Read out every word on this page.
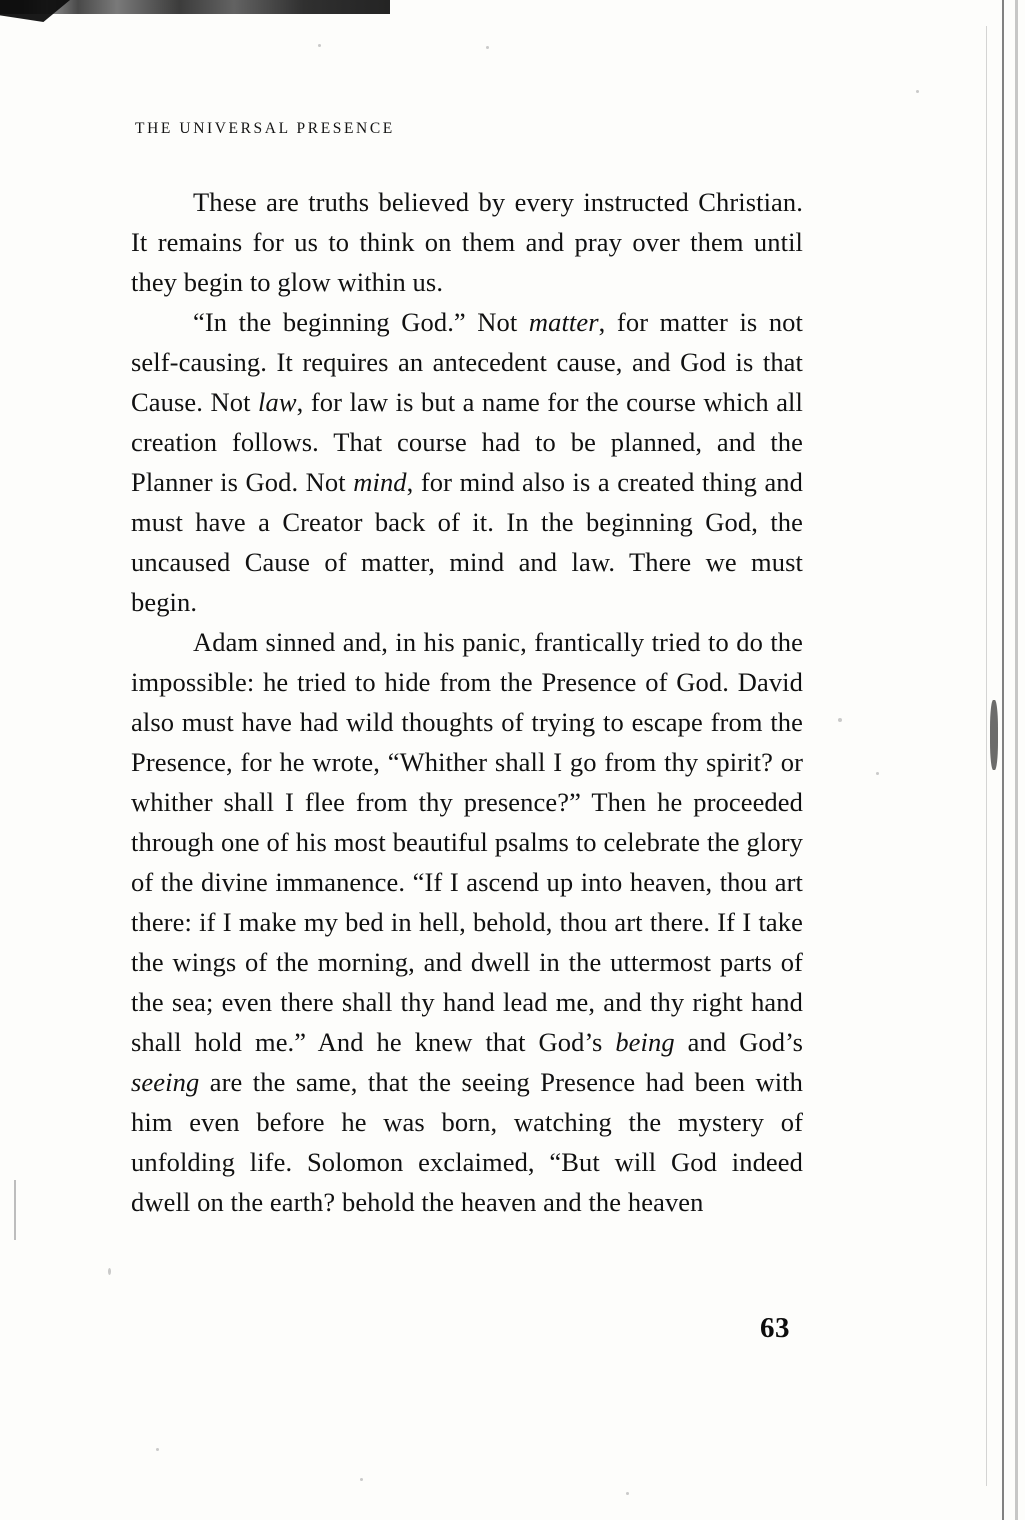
THE UNIVERSAL PRESENCE

These are truths believed by every instructed Christian. It remains for us to think on them and pray over them until they begin to glow within us.

“In the beginning God.” Not matter, for matter is not self-causing. It requires an antecedent cause, and God is that Cause. Not law, for law is but a name for the course which all creation follows. That course had to be planned, and the Planner is God. Not mind, for mind also is a created thing and must have a Creator back of it. In the beginning God, the uncaused Cause of matter, mind and law. There we must begin.

Adam sinned and, in his panic, frantically tried to do the impossible: he tried to hide from the Presence of God. David also must have had wild thoughts of trying to escape from the Presence, for he wrote, “Whither shall I go from thy spirit? or whither shall I flee from thy presence?” Then he proceeded through one of his most beautiful psalms to celebrate the glory of the divine immanence. “If I ascend up into heaven, thou art there: if I make my bed in hell, behold, thou art there. If I take the wings of the morning, and dwell in the uttermost parts of the sea; even there shall thy hand lead me, and thy right hand shall hold me.” And he knew that God’s being and God’s seeing are the same, that the seeing Presence had been with him even before he was born, watching the mystery of unfolding life. Solomon exclaimed, “But will God indeed dwell on the earth? behold the heaven and the heaven

63
